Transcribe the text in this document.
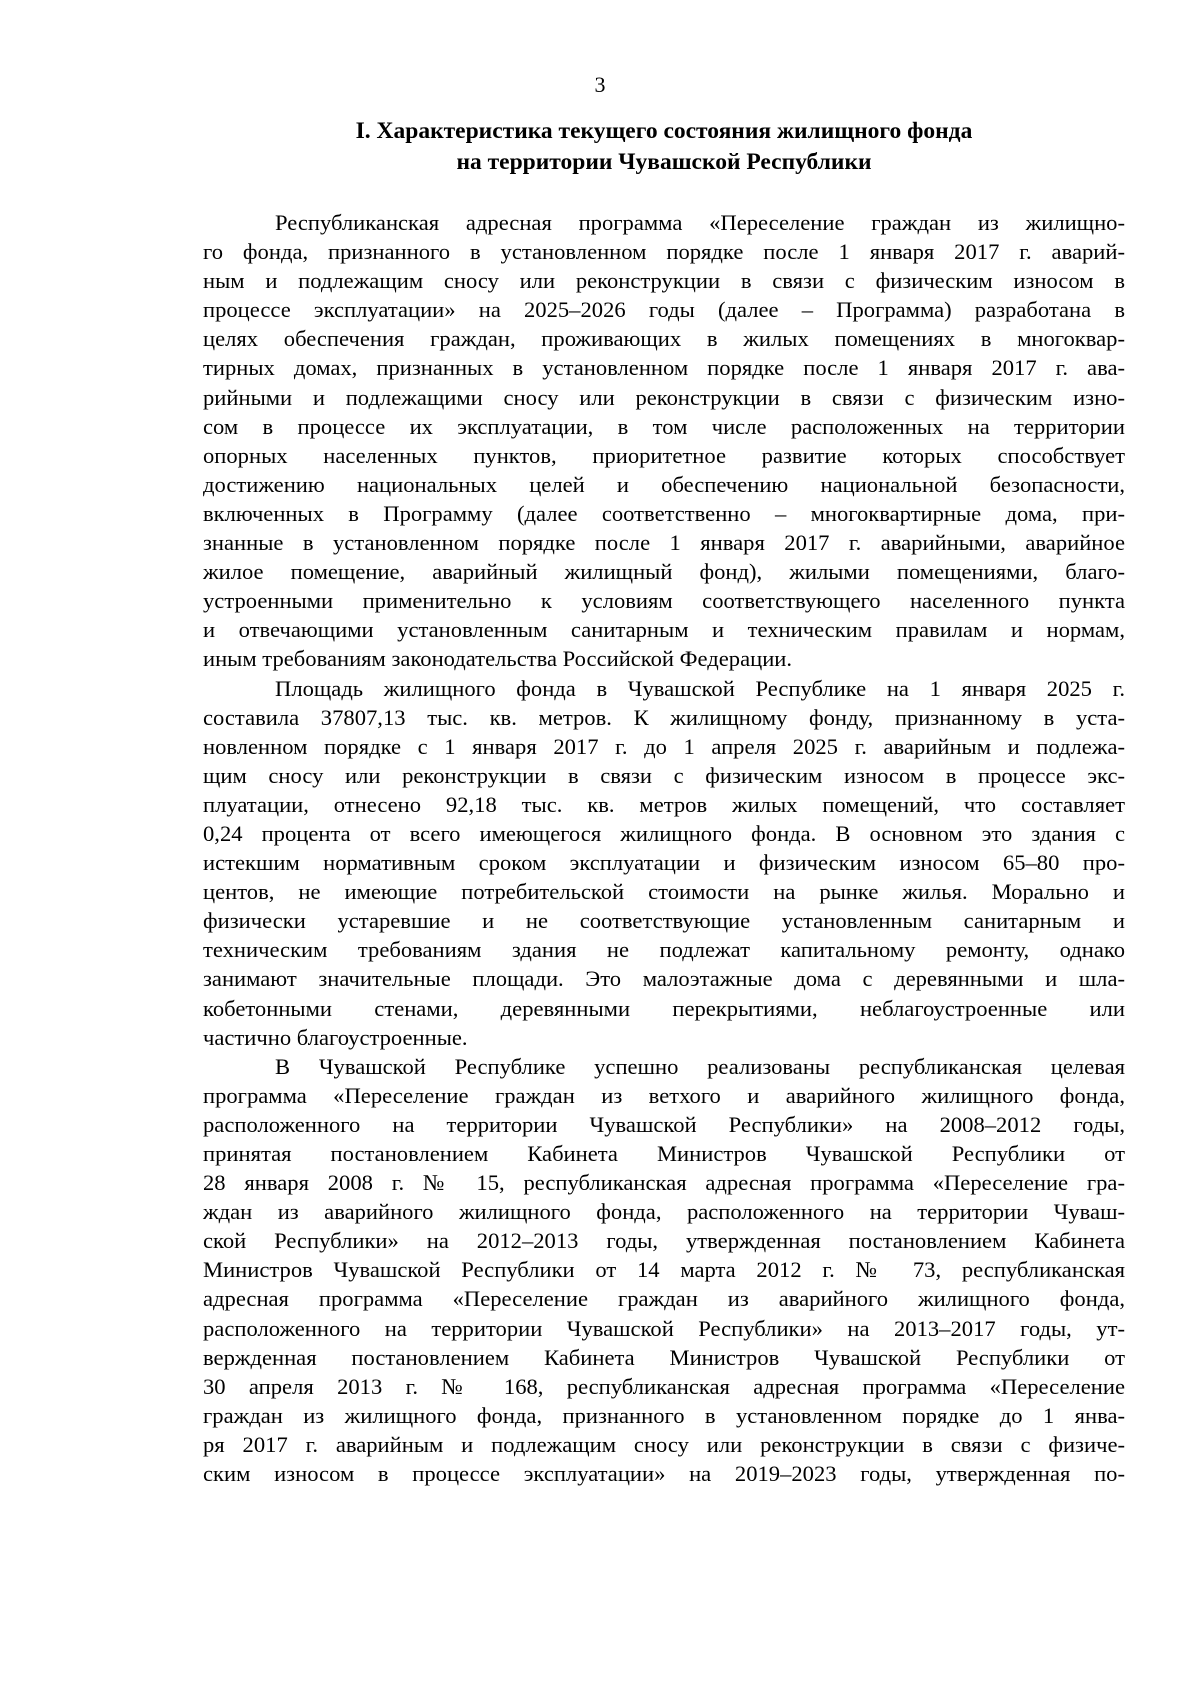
3
I. Характеристика текущего состояния жилищного фонда
на территории Чувашской Республики

Республиканская адресная программа «Переселение граждан из жилищно-
го фонда, признанного в установленном порядке после 1 января 2017 г. аварий-
ным и подлежащим сносу или реконструкции в связи с физическим износом в
процессе эксплуатации» на 2025–2026 годы (далее – Программа) разработана в
целях обеспечения граждан, проживающих в жилых помещениях в многоквар-
тирных домах, признанных в установленном порядке после 1 января 2017 г. ава-
рийными и подлежащими сносу или реконструкции в связи с физическим изно-
сом в процессе их эксплуатации, в том числе расположенных на территории
опорных населенных пунктов, приоритетное развитие которых способствует
достижению национальных целей и обеспечению национальной безопасности,
включенных в Программу (далее соответственно – многоквартирные дома, при-
знанные в установленном порядке после 1 января 2017 г. аварийными, аварийное
жилое помещение, аварийный жилищный фонд), жилыми помещениями, благо-
устроенными применительно к условиям соответствующего населенного пункта
и отвечающими установленным санитарным и техническим правилам и нормам,
иным требованиям законодательства Российской Федерации.

Площадь жилищного фонда в Чувашской Республике на 1 января 2025 г.
составила 37807,13 тыс. кв. метров. К жилищному фонду, признанному в уста-
новленном порядке с 1 января 2017 г. до 1 апреля 2025 г. аварийным и подлежа-
щим сносу или реконструкции в связи с физическим износом в процессе экс-
плуатации, отнесено 92,18 тыс. кв. метров жилых помещений, что составляет
0,24 процента от всего имеющегося жилищного фонда. В основном это здания с
истекшим нормативным сроком эксплуатации и физическим износом 65–80 про-
центов, не имеющие потребительской стоимости на рынке жилья. Морально и
физически устаревшие и не соответствующие установленным санитарным и
техническим требованиям здания не подлежат капитальному ремонту, однако
занимают значительные площади. Это малоэтажные дома с деревянными и шла-
кобетонными стенами, деревянными перекрытиями, неблагоустроенные или
частично благоустроенные.

В Чувашской Республике успешно реализованы республиканская целевая
программа «Переселение граждан из ветхого и аварийного жилищного фонда,
расположенного на территории Чувашской Республики» на 2008–2012 годы,
принятая постановлением Кабинета Министров Чувашской Республики от
28 января 2008 г. № 15, республиканская адресная программа «Переселение гра-
ждан из аварийного жилищного фонда, расположенного на территории Чуваш-
ской Республики» на 2012–2013 годы, утвержденная постановлением Кабинета
Министров Чувашской Республики от 14 марта 2012 г. № 73, республиканская
адресная программа «Переселение граждан из аварийного жилищного фонда,
расположенного на территории Чувашской Республики» на 2013–2017 годы, ут-
вержденная постановлением Кабинета Министров Чувашской Республики от
30 апреля 2013 г. № 168, республиканская адресная программа «Переселение
граждан из жилищного фонда, признанного в установленном порядке до 1 янва-
ря 2017 г. аварийным и подлежащим сносу или реконструкции в связи с физиче-
ским износом в процессе эксплуатации» на 2019–2023 годы, утвержденная по-
